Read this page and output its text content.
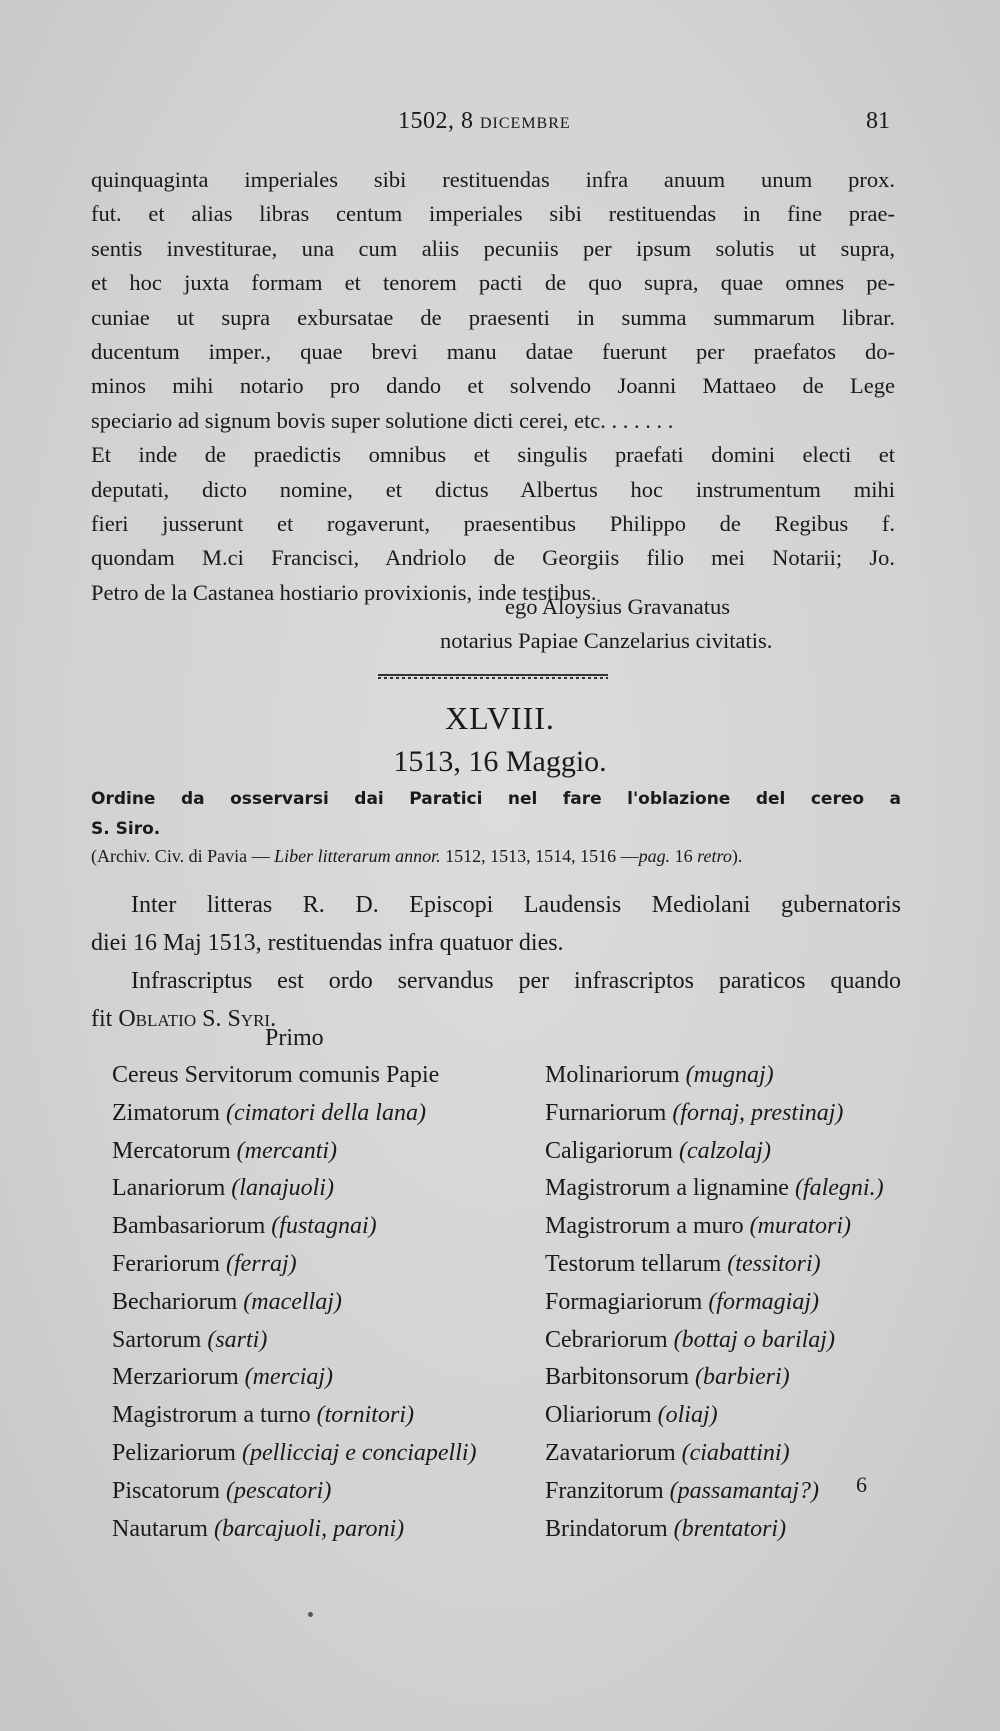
1502, 8 DICEMBRE	81
quinquaginta imperiales sibi restituendas infra anuum unum prox.
fut. et alias libras centum imperiales sibi restituendas in fine prae-
sentis investiturae, una cum aliis pecuniis per ipsum solutis ut supra,
et hoc juxta formam et tenorem pacti de quo supra, quae omnes pe-
cuniae ut supra exbursatae de praesenti in summa summarum librar.
ducentum imper., quae brevi manu datae fuerunt per praefatos do-
minos mihi notario pro dando et solvendo Joanni Mattaeo de Lege
speciario ad signum bovis super solutione dicti cerei, etc. . . . . . .
Et inde de praedictis omnibus et singulis praefati domini electi et
deputati, dicto nomine, et dictus Albertus hoc instrumentum mihi
fieri jusserunt et rogaverunt, praesentibus Philippo de Regibus f.
quondam M.ci Francisci, Andriolo de Georgiis filio mei Notarii; Jo.
Petro de la Castanea hostiario provixionis, inde testibus.
ego Aloysius Gravanatus
notarius Papiae Canzelarius civitatis.
XLVIII.
1513, 16 Maggio.
Ordine da osservarsi dai Paratici nel fare l'oblazione del cereo a
S. Siro.
(Archiv. Civ. di Pavia — Liber litterarum annor. 1512, 1513, 1514, 1516 —pag. 16 retro).
Inter litteras R. D. Episcopi Laudensis Mediolani gubernatoris
diei 16 Maj 1513, restituendas infra quatuor dies.
Infrascriptus est ordo servandus per infrascriptos paraticos quando
fit Oblatio S. Syri.
Primo
Cereus Servitorum comunis Papie
Zimatorum (cimatori della lana)
Mercatorum (mercanti)
Lanariorum (lanajuoli)
Bambasariorum (fustagnai)
Ferariorum (ferraj)
Bechariorum (macellaj)
Sartorum (sarti)
Merzariorum (merciaj)
Magistrorum a turno (tornitori)
Pelizariorum (pellicciaj e conciapelli)
Piscatorum (pescatori)
Nautarum (barcajuoli, paroni)
Molinariorum (mugnaj)
Furnariorum (fornaj, prestinaj)
Caligariorum (calzolaj)
Magistrorum a lignamine (falegni.)
Magistrorum a muro (muratori)
Testorum tellarum (tessitori)
Formagiariorum (formagiaj)
Cebrariorum (bottaj o barilaj)
Barbitonsorum (barbieri)
Oliariorum (oliaj)
Zavatariorum (ciabattini)
Franzitorum (passamantaj?)
Brindatorum (brentatori)
6
